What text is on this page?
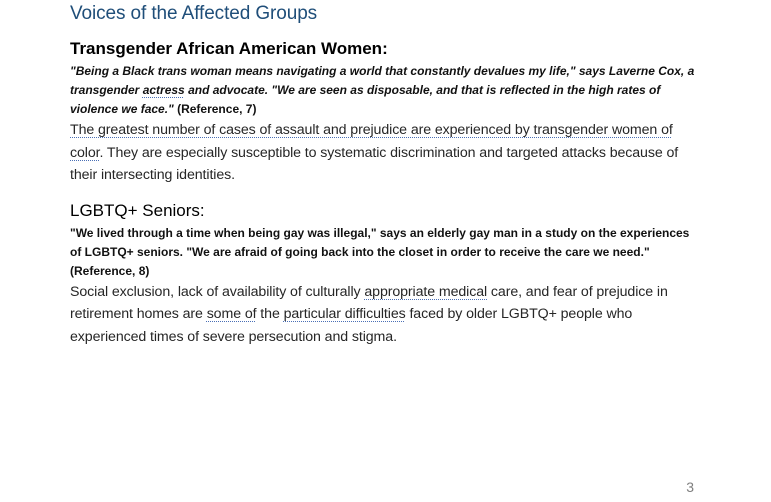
Voices of the Affected Groups
Transgender African American Women:

"Being a Black trans woman means navigating a world that constantly devalues my life," says Laverne Cox, a transgender actress and advocate. "We are seen as disposable, and that is reflected in the high rates of violence we face." (Reference, 7)

The greatest number of cases of assault and prejudice are experienced by transgender women of color. They are especially susceptible to systematic discrimination and targeted attacks because of their intersecting identities.

LGBTQ+ Seniors:

"We lived through a time when being gay was illegal," says an elderly gay man in a study on the experiences of LGBTQ+ seniors. "We are afraid of going back into the closet in order to receive the care we need." (Reference, 8)

Social exclusion, lack of availability of culturally appropriate medical care, and fear of prejudice in retirement homes are some of the particular difficulties faced by older LGBTQ+ people who experienced times of severe persecution and stigma.

3
